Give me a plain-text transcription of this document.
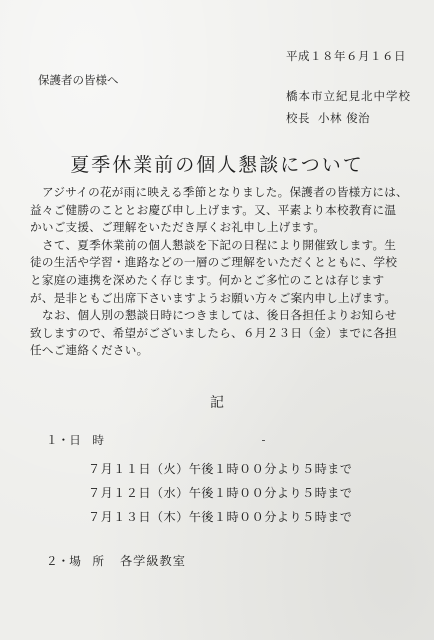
平成１８年６月１６日
保護者の皆様へ
橋本市立紀見北中学校
校長 小林 俊治
夏季休業前の個人懇談について
アジサイの花が雨に映える季節となりました。保護者の皆様方には、
益々ご健勝のこととお慶び申し上げます。又、平素より本校教育に温
かいご支援、ご理解をいただき厚くお礼申し上げます。
さて、夏季休業前の個人懇談を下記の日程により開催致します。生
徒の生活や学習・進路などの一層のご理解をいただくとともに、学校
と家庭の連携を深めたく存じます。何かとご多忙のことは存じます
が、是非ともご出席下さいますようお願い方々ご案内申し上げます。
なお、個人別の懇談日時につきましては、後日各担任よりお知らせ
致しますので、希望がございましたら、６月２３日（金）までに各担
任へご連絡ください。
記
１・日　時
７月１１日（火）午後１時００分より５時まで
７月１２日（水）午後１時００分より５時まで
７月１３日（木）午後１時００分より５時まで
２・場　所 各学級教室
